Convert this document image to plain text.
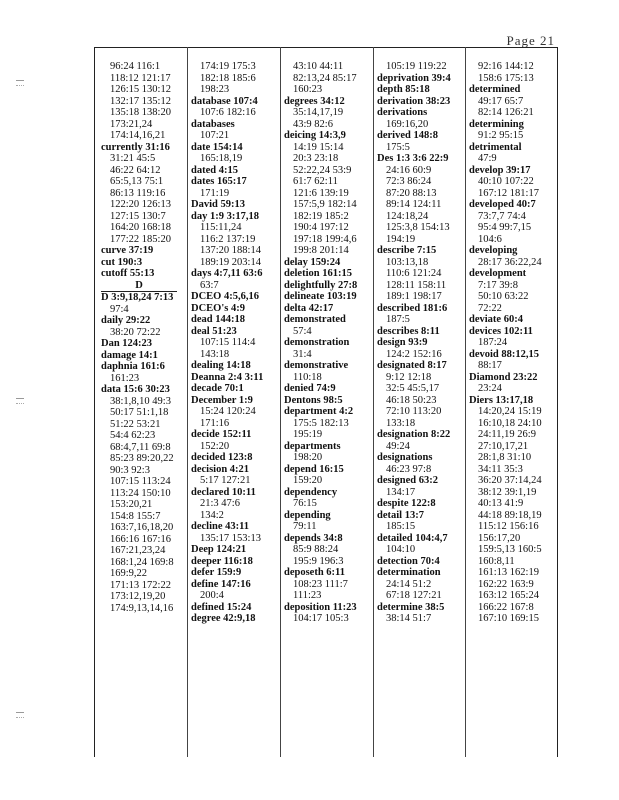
Page 21
96:24 116:1
118:12 121:17
126:15 130:12
132:17 135:12
135:18 138:20
173:21,24
174:14,16,21
currently 31:16
31:21 45:5
46:22 64:12
65:5,13 75:1
86:13 119:16
122:20 126:13
127:15 130:7
164:20 168:18
177:22 185:20
curve 37:19
cut 190:3
cutoff 55:13
D
D 3:9,18,24 7:13
97:4
daily 29:22
38:20 72:22
Dan 124:23
damage 14:1
daphnia 161:6
161:23
data 15:6 30:23
38:1,8,10 49:3
50:17 51:1,18
51:22 53:21
54:4 62:23
68:4,7,11 69:8
85:23 89:20,22
90:3 92:3
107:15 113:24
113:24 150:10
153:20,21
154:8 155:7
163:7,16,18,20
166:16 167:16
167:21,23,24
168:1,24 169:8
169:9,22
171:13 172:22
173:12,19,20
174:9,13,14,16
174:19 175:3
182:18 185:6
198:23
database 107:4
107:6 182:16
databases
107:21
date 154:14
165:18,19
dated 4:15
dates 165:17
171:19
David 59:13
day 1:9 3:17,18
115:11,24
116:2 137:19
137:20 188:14
189:19 203:14
days 4:7,11 63:6
63:7
DCEO 4:5,6,16
DCEO's 4:9
dead 144:18
deal 51:23
107:15 114:4
143:18
dealing 14:18
Deanna 2:4 3:11
decade 70:1
December 1:9
15:24 120:24
171:16
decide 152:11
152:20
decided 123:8
decision 4:21
5:17 127:21
declared 10:11
21:3 47:6
134:2
decline 43:11
135:17 153:13
Deep 124:21
deeper 116:18
defer 159:9
define 147:16
200:4
defined 15:24
degree 42:9,18
43:10 44:11
82:13,24 85:17
160:23
degrees 34:12
35:14,17,19
43:9 82:6
deicing 14:3,9
14:19 15:14
20:3 23:18
52:22,24 53:9
61:7 62:11
121:6 139:19
157:5,9 182:14
182:19 185:2
190:4 197:12
197:18 199:4,6
199:8 201:14
delay 159:24
deletion 161:15
delightfully 27:8
delineate 103:19
delta 42:17
demonstrated
57:4
demonstration
31:4
demonstrative
110:18
denied 74:9
Dentons 98:5
department 4:2
175:5 182:13
195:19
departments
198:20
depend 16:15
159:20
dependency
76:15
depending
79:11
depends 34:8
85:9 88:24
195:9 196:3
deposeth 6:11
108:23 111:7
111:23
deposition 11:23
104:17 105:3
105:19 119:22
deprivation 39:4
depth 85:18
derivation 38:23
derivations
169:16,20
derived 148:8
175:5
Des 1:3 3:6 22:9
24:16 60:9
72:3 86:24
87:20 88:13
89:14 124:11
124:18,24
125:3,8 154:13
194:19
describe 7:15
103:13,18
110:6 121:24
128:11 158:11
189:1 198:17
described 181:6
187:5
describes 8:11
design 93:9
124:2 152:16
designated 8:17
9:12 12:18
32:5 45:5,17
46:18 50:23
72:10 113:20
133:18
designation 8:22
49:24
designations
46:23 97:8
designed 63:2
134:17
despite 122:8
detail 13:7
185:15
detailed 104:4,7
104:10
detection 70:4
determination
24:14 51:2
67:18 127:21
determine 38:5
38:14 51:7
92:16 144:12
158:6 175:13
determined
49:17 65:7
82:14 126:21
determining
91:2 95:15
detrimental
47:9
develop 39:17
40:10 107:22
167:12 181:17
developed 40:7
73:7,7 74:4
95:4 99:7,15
104:6
developing
28:17 36:22,24
development
7:17 39:8
50:10 63:22
72:22
deviate 60:4
devices 102:11
187:24
devoid 88:12,15
88:17
Diamond 23:22
23:24
Diers 13:17,18
14:20,24 15:19
16:10,18 24:10
24:11,19 26:9
27:10,17,21
28:1,8 31:10
34:11 35:3
36:20 37:14,24
38:12 39:1,19
40:13 41:9
44:18 89:18,19
115:12 156:16
156:17,20
159:5,13 160:5
160:8,11
161:13 162:19
162:22 163:9
163:12 165:24
166:22 167:8
167:10 169:15
